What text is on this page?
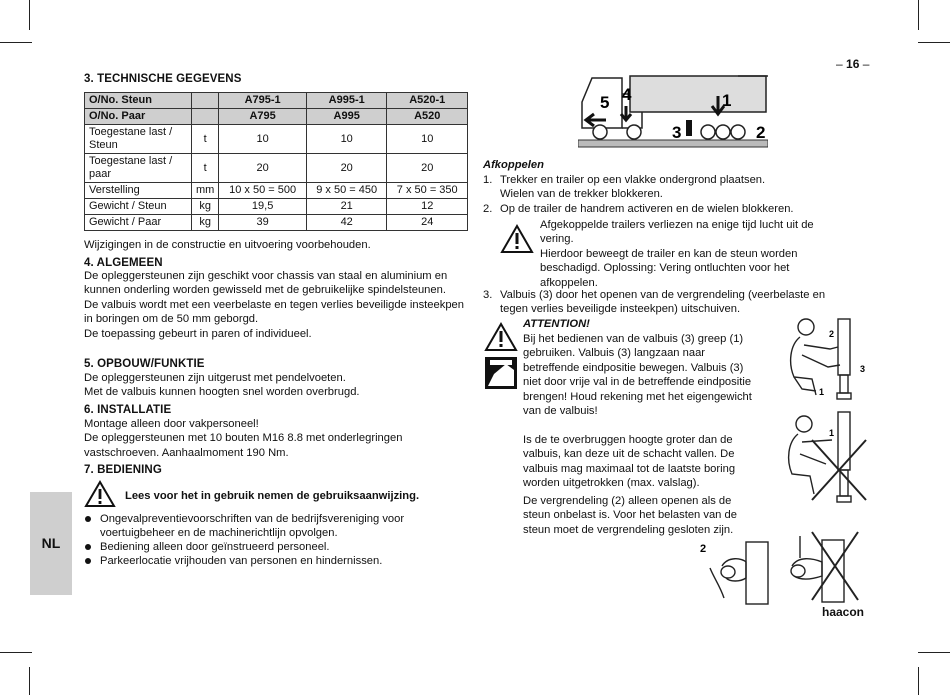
– 16 –
3. TECHNISCHE GEGEVENS
O/No. Steun		A795-1	A995-1	A520-1
O/No. Paar		A795	A995	A520
Toegestane last / Steun	t	10	10	10
Toegestane last / paar	t	20	20	20
Verstelling	mm	10 x 50 = 500	9 x 50 = 450	7 x 50 = 350
Gewicht / Steun	kg	19,5	21	12
Gewicht / Paar	kg	39	42	24
Wijzigingen in de constructie en uitvoering voorbehouden.
4. ALGEMEEN

De opleggersteunen zijn geschikt voor chassis van staal en aluminium en kunnen onderling worden gewisseld met de gebruikelijke spindelsteunen.

De valbuis wordt met een veerbelaste en tegen verlies beveiligde insteekpen in boringen om de 50 mm geborgd.

De toepassing gebeurt in paren of individueel.

5. OPBOUW/FUNKTIE

De opleggersteunen zijn uitgerust met pendelvoeten.

Met de valbuis kunnen hoogten snel worden overbrugd.

6. INSTALLATIE

Montage alleen door vakpersoneel!

De opleggersteunen met 10 bouten M16 8.8 met onderlegringen vastschroeven. Aanhaalmoment 190 Nm.

7. BEDIENING
Lees voor het in gebruik nemen de gebruiksaanwijzing.
NL
Ongevalpreventievoorschriften van de bedrijfsvereniging voor voertuigbeheer en de machinerichtlijn opvolgen.
Bediening alleen door geïnstrueerd personeel.
Parkeerlocatie vrijhouden van personen en hindernissen.
5 4	1
3	2
Afkoppelen
1. Trekker en trailer op een vlakke ondergrond plaatsen. Wielen van de trekker blokkeren.
2. Op de trailer de handrem activeren en de wielen blokkeren.

Afgekoppelde trailers verliezen na enige tijd lucht uit de vering.

Hierdoor beweegt de trailer en kan de steun worden beschadigd. Oplossing: Vering ontluchten voor het afkoppelen.

3. Valbuis (3) door het openen van de vergrendeling (veerbelaste en tegen verlies beveiligde insteekpen) uitschuiven.
ATTENTION!
Bij het bedienen van de valbuis (3) greep (1) gebruiken. Valbuis (3) langzaan naar betreffende eindpositie bewegen. Valbuis (3) niet door vrije val in de betreffende eindpositie brengen! Houd rekening met het eigengewicht van de valbuis!
Is de te overbruggen hoogte groter dan de valbuis, kan deze uit de schacht vallen. De valbuis mag maximaal tot de laatste boring worden uitgetrokken (max. valslag).
De vergrendeling (2) alleen openen als de steun onbelast is. Voor het belasten van de steun moet de vergrendeling gesloten zijn.
2
3
1
1
2
haacon
